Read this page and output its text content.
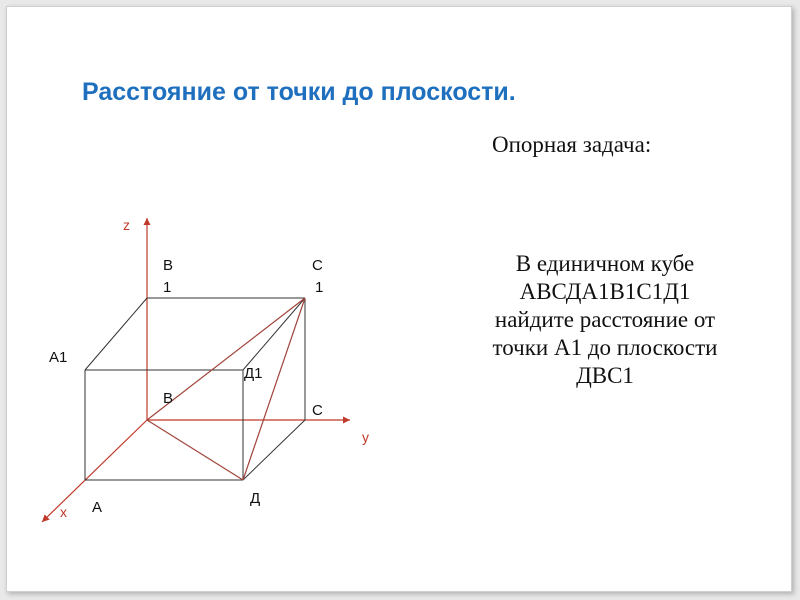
Расстояние от точки до плоскости.
Опорная задача:
В единичном кубе
АВСДА1В1С1Д1
найдите расстояние от
точки А1 до плоскости
ДВС1
z
y
x
В
1
С
1
А1
Д1
В
С
А
Д
